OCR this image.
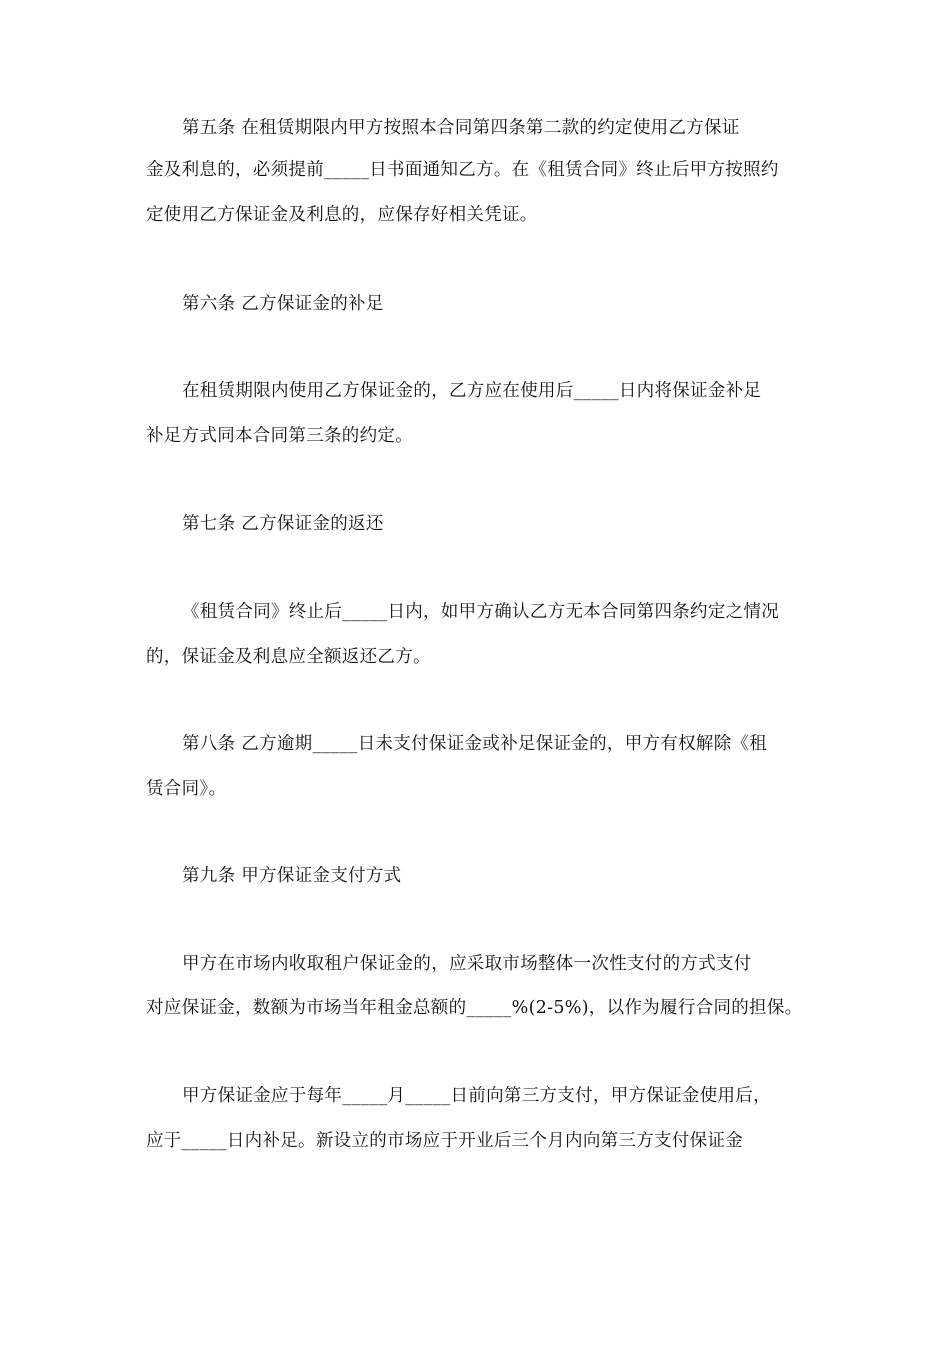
第五条 在租赁期限内甲方按照本合同第四条第二款的约定使用乙方保证
金及利息的，必须提前_____日书面通知乙方。在《租赁合同》终止后甲方按照约
定使用乙方保证金及利息的，应保存好相关凭证。
第六条 乙方保证金的补足
在租赁期限内使用乙方保证金的，乙方应在使用后_____日内将保证金补足
补足方式同本合同第三条的约定。
第七条 乙方保证金的返还
《租赁合同》终止后_____日内，如甲方确认乙方无本合同第四条约定之情况
的，保证金及利息应全额返还乙方。
第八条 乙方逾期_____日未支付保证金或补足保证金的，甲方有权解除《租
赁合同》。
第九条 甲方保证金支付方式
甲方在市场内收取租户保证金的，应采取市场整体一次性支付的方式支付
对应保证金，数额为市场当年租金总额的_____%(2-5%)，以作为履行合同的担保。
甲方保证金应于每年_____月_____日前向第三方支付，甲方保证金使用后，
应于_____日内补足。新设立的市场应于开业后三个月内向第三方支付保证金
